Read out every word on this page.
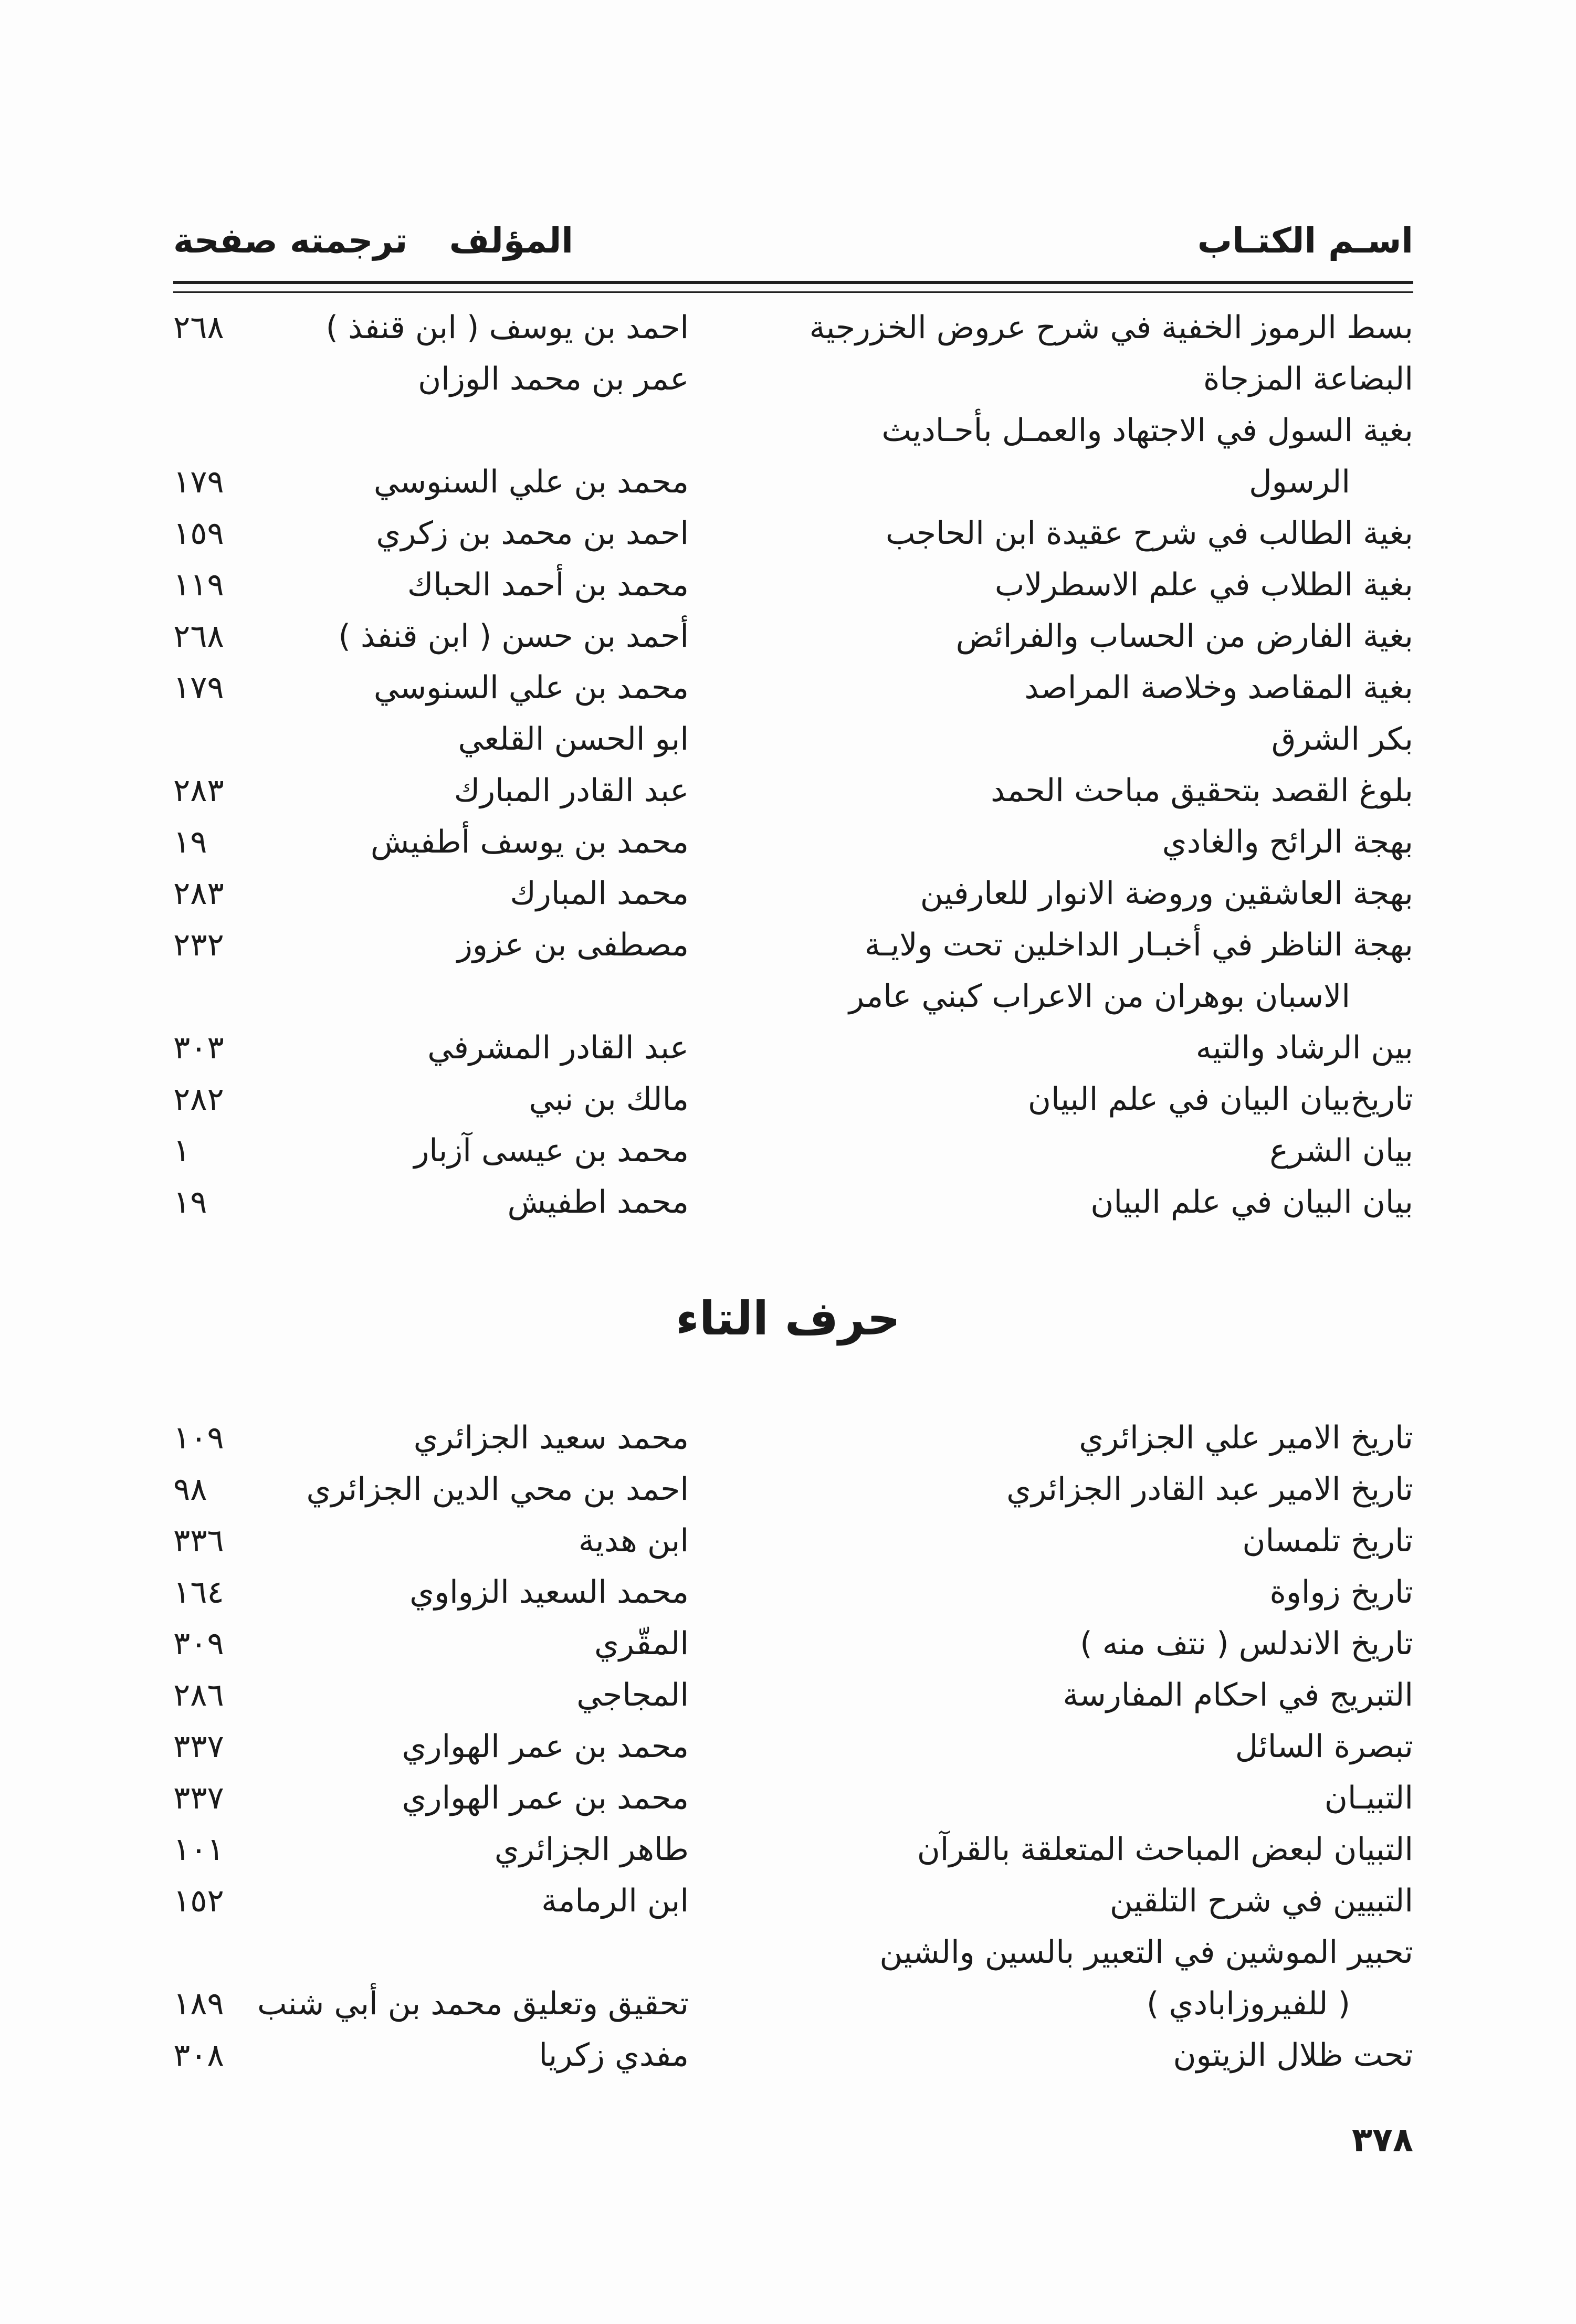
اسـم الكتـاب
المؤلف
ترجمته صفحة
بسط الرموز الخفية في شرح عروض الخزرجية
احمد بن يوسف ( ابن قنفذ )
٢٦٨
البضاعة المزجاة
عمر بن محمد الوزان
بغية السول في الاجتهاد والعمـل بأحـاديث
الرسول
محمد بن علي السنوسي
١٧٩
بغية الطالب في شرح عقيدة ابن الحاجب
احمد بن محمد بن زكري
١٥٩
بغية الطلاب في علم الاسطرلاب
محمد بن أحمد الحباك
١١٩
بغية الفارض من الحساب والفرائض
أحمد بن حسن ( ابن قنفذ )
٢٦٨
بغية المقاصد وخلاصة المراصد
محمد بن علي السنوسي
١٧٩
بكر الشرق
ابو الحسن القلعي
بلوغ القصد بتحقيق مباحث الحمد
عبد القادر المبارك
٢٨٣
بهجة الرائح والغادي
محمد بن يوسف أطفيش
١٩
بهجة العاشقين وروضة الانوار للعارفين
محمد المبارك
٢٨٣
بهجة الناظر في أخبـار الداخلين تحت ولايـة
مصطفى بن عزوز
٢٣٢
الاسبان بوهران من الاعراب كبني عامر
بين الرشاد والتيه
عبد القادر المشرفي
٣٠٣
تاريخ‌بيان البيان في علم البيان
مالك بن نبي
٢٨٢
بيان الشرع
محمد بن عيسى آزبار
١
بيان البيان في علم البيان
محمد اطفيش
١٩
حرف التاء
تاريخ الامير علي الجزائري
محمد سعيد الجزائري
١٠٩
تاريخ الامير عبد القادر الجزائري
احمد بن محي الدين الجزائري
٩٨
تاريخ تلمسان
ابن هدية
٣٣٦
تاريخ زواوة
محمد السعيد الزواوي
١٦٤
تاريخ الاندلس ( نتف منه )
المقّري
٣٠٩
التبريج في احكام المفارسة
المجاجي
٢٨٦
تبصرة السائل
محمد بن عمر الهواري
٣٣٧
التبيـان
محمد بن عمر الهواري
٣٣٧
التبيان لبعض المباحث المتعلقة بالقرآن
طاهر الجزائري
١٠١
التبيين في شرح التلقين
ابن الرمامة
١٥٢
تحبير الموشين في التعبير بالسين والشين
( للفيروزابادي )
تحقيق وتعليق محمد بن أبي شنب
١٨٩
تحت ظلال الزيتون
مفدي زكريا
٣٠٨
٣٧٨
